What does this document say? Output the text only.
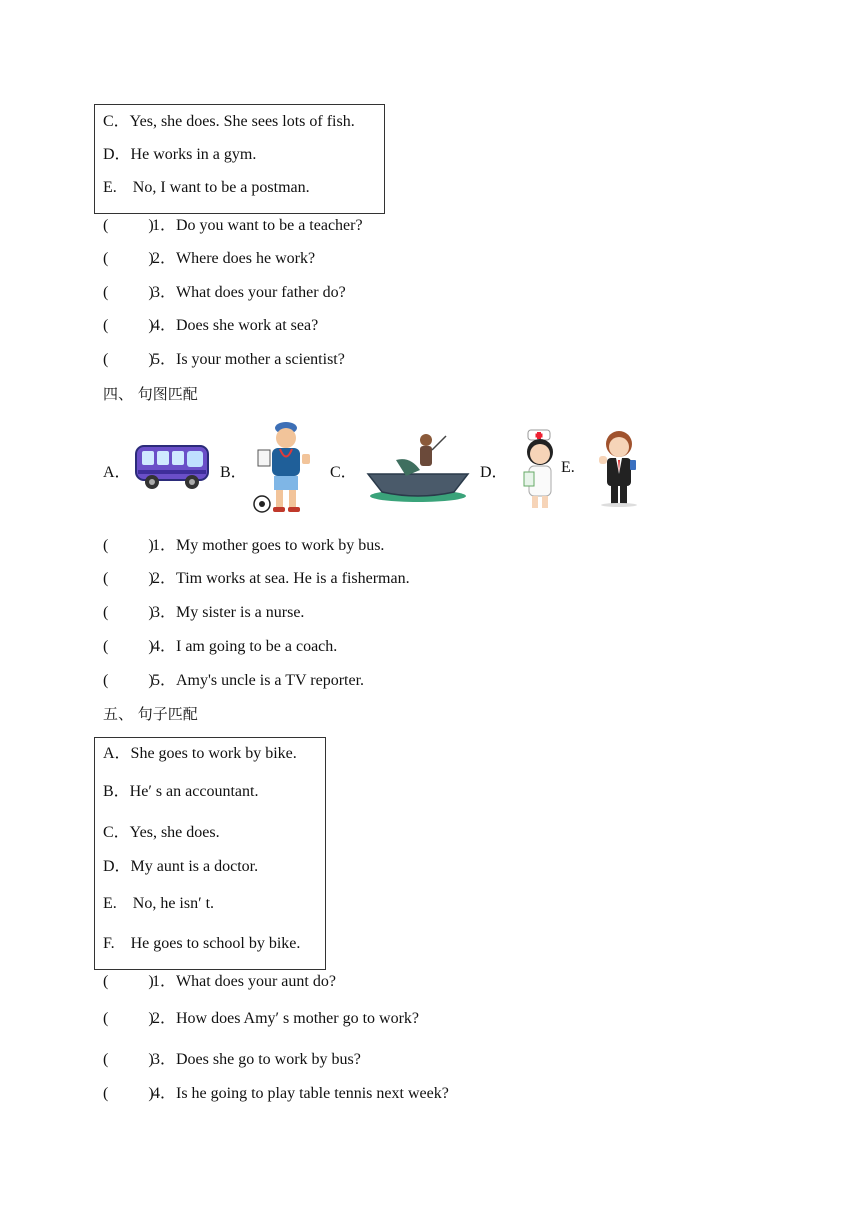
C．Yes, she does. She sees lots of fish.
D．He works in a gym.
E.    No, I want to be a postman.
(          )
1．Do you want to be a teacher?
(          )
2．Where does he work?
(          )
3．What does your father do?
(          )
4．Does she work at sea?
(          )
5．Is your mother a scientist?
四、 句图匹配
A．	B．	C．	D．	E.
(          )
1．My mother goes to work by bus.
(          )
2．Tim works at sea. He is a fisherman.
(          )
3．My sister is a nurse.
(          )
4．I am going to be a coach.
(          )
5．Amy's uncle is a TV reporter.
五、 句子匹配
A．She goes to work by bike.
B．He′ s an accountant.
C．Yes, she does.
D．My aunt is a doctor.
E.    No, he isn′ t.
F.    He goes to school by bike.
(          )
1．What does your aunt do?
(          )
2．How does Amy′ s mother go to work?
(          )
3．Does she go to work by bus?
(          )
4．Is he going to play table tennis next week?
